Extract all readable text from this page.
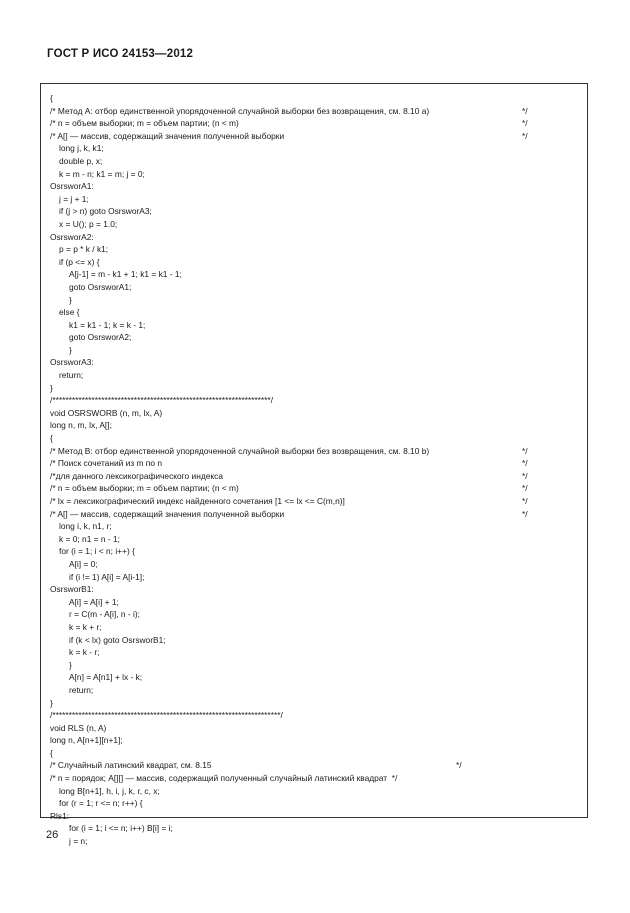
ГОСТ Р ИСО 24153—2012
{
/* Метод A: отбор единственной упорядоченной случайной выборки без возвращения, см. 8.10 a)	*/
/* n = объем выборки; m = объем партии; (n < m)	*/
/* A[] — массив, содержащий значения полученной выборки	*/
long j, k, k1;
double p, x;
k = m - n; k1 = m; j = 0;
OsrsworA1:
j = j + 1;
if (j > n) goto OsrsworA3;
x = U(); p = 1.0;
OsrsworA2:
p = p * k / k1;
if (p <= x) {
A[j-1] = m - k1 + 1; k1 = k1 - 1;
goto OsrsworA1;
}
else {
k1 = k1 - 1; k = k - 1;
goto OsrsworA2;
}
OsrsworA3:
return;
}
/*******************************************************************/
void OSRSWORB (n, m, lx, A)
long n, m, lx, A[];
{
/* Метод B: отбор единственной упорядоченной случайной выборки без возвращения, см. 8.10 b)	*/
/* Поиск сочетаний из m по n	*/
/*для данного лексикографического индекса	*/
/* n = объем выборки; m = объем партии; (n < m)	*/
/* lx = лексикографический индекс найденного сочетания [1 <= lx <= C(m,n)]	*/
/* A[] — массив, содержащий значения полученной выборки	*/
long i, k, n1, r;
k = 0; n1 = n - 1;
for (i = 1; i < n; i++) {
A[i] = 0;
if (i != 1) A[i] = A[i-1];
OsrsworB1:
A[i] = A[i] + 1;
r = C(m - A[i], n - i);
k = k + r;
if (k < lx) goto OsrsworB1;
k = k - r;
}
A[n] = A[n1] + lx - k;
return;
}
/**********************************************************************/
void RLS (n, A)
long n, A[n+1][n+1];
{
/* Случайный латинский квадрат, см. 8.15	*/
/* n = порядок; A[][] — массив, содержащий полученный случайный латинский квадрат  */
long B[n+1], h, i, j, k, r, c, x;
for (r = 1; r <= n; r++) {
Rls1:
for (i = 1; i <= n; i++) B[i] = i;
j = n;
26
